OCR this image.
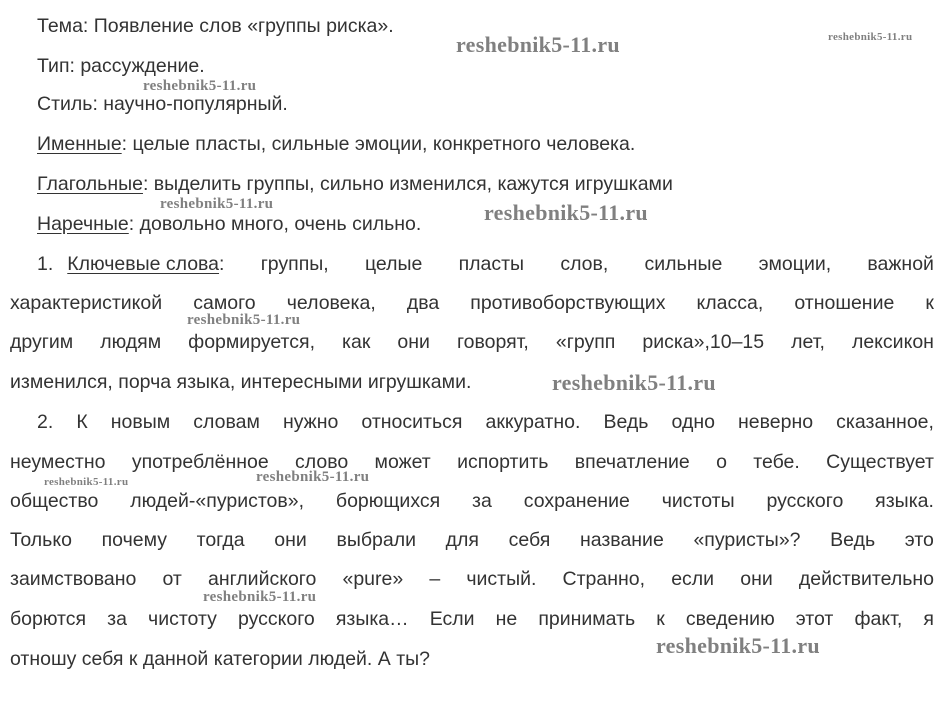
Тема: Появление слов «группы риска».
Тип: рассуждение.
Стиль: научно-популярный.
Именные: целые пласты, сильные эмоции, конкретного человека.
Глагольные: выделить группы, сильно изменился, кажутся игрушками
Наречные: довольно много, очень сильно.
1. Ключевые слова : группы, целые пласты слов, сильные эмоции, важной
характеристикой самого человека, два противоборствующих класса, отношение к
другим людям формируется, как они говорят, «групп риска»,10–15 лет, лексикон
изменился, порча языка, интересными игрушками.
2. К новым словам нужно относиться аккуратно. Ведь одно неверно сказанное,
неуместно употреблённое слово может испортить впечатление о тебе. Существует
общество людей-«пуристов», борющихся за сохранение чистоты русского языка.
Только почему тогда они выбрали для себя название «пуристы»? Ведь это
заимствовано от английского «pure» – чистый. Странно, если они действительно
борются за чистоту русского языка… Если не принимать к сведению этот факт, я
отношу себя к данной категории людей. А ты?
reshebnik5-11.ru	reshebnik5-11.ru
reshebnik5-11.ru
reshebnik5-11.ru	reshebnik5-11.ru
reshebnik5-11.ru
reshebnik5-11.ru
reshebnik5-11.ru
reshebnik5-11.ru
reshebnik5-11.ru
reshebnik5-11.ru
